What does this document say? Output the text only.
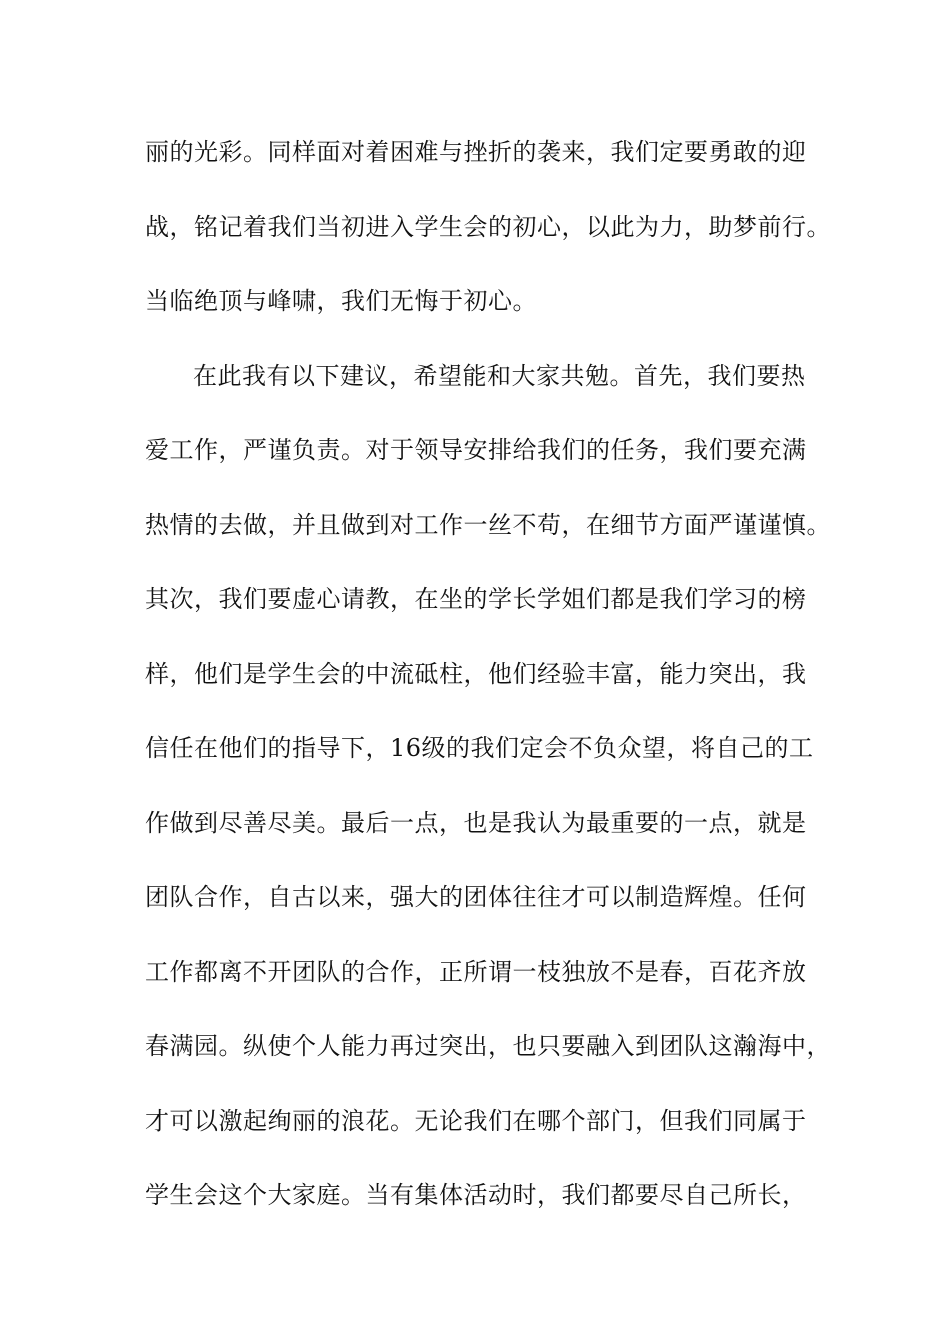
丽的光彩。同样面对着困难与挫折的袭来，我们定要勇敢的迎
战，铭记着我们当初进入学生会的初心，以此为力，助梦前行。
当临绝顶与峰啸，我们无悔于初心。
在此我有以下建议，希望能和大家共勉。首先，我们要热
爱工作，严谨负责。对于领导安排给我们的任务，我们要充满
热情的去做，并且做到对工作一丝不苟，在细节方面严谨谨慎。
其次，我们要虚心请教，在坐的学长学姐们都是我们学习的榜
样，他们是学生会的中流砥柱，他们经验丰富，能力突出，我
信任在他们的指导下，16级的我们定会不负众望，将自己的工
作做到尽善尽美。最后一点，也是我认为最重要的一点，就是
团队合作，自古以来，强大的团体往往才可以制造辉煌。任何
工作都离不开团队的合作，正所谓一枝独放不是春，百花齐放
春满园。纵使个人能力再过突出，也只要融入到团队这瀚海中，
才可以激起绚丽的浪花。无论我们在哪个部门，但我们同属于
学生会这个大家庭。当有集体活动时，我们都要尽自己所长，
